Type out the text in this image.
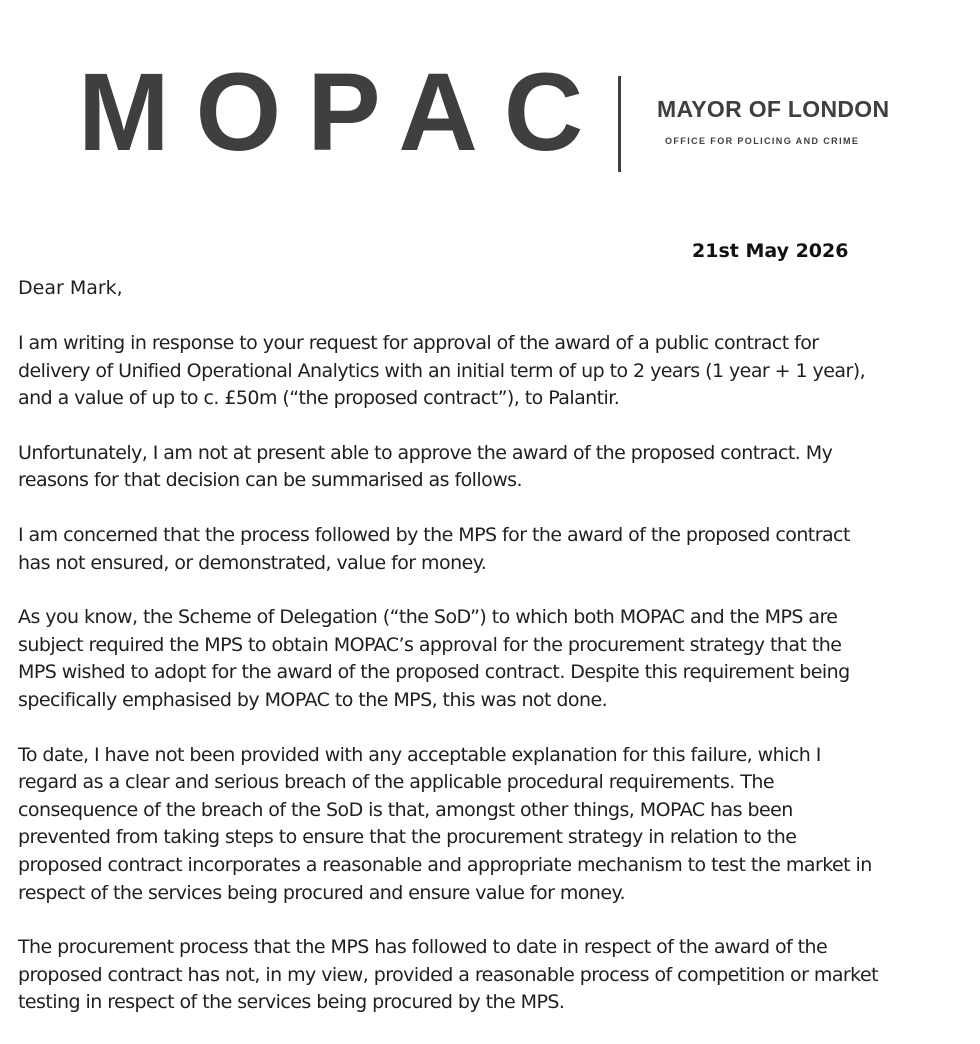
MOPAC MAYOR OF LONDON
OFFICE FOR POLICING AND CRIME
21st May 2026

Dear Mark,

I am writing in response to your request for approval of the award of a public contract for
delivery of Unified Operational Analytics with an initial term of up to 2 years (1 year + 1 year),
and a value of up to c. £50m (“the proposed contract”), to Palantir.

Unfortunately, I am not at present able to approve the award of the proposed contract. My
reasons for that decision can be summarised as follows.

I am concerned that the process followed by the MPS for the award of the proposed contract
has not ensured, or demonstrated, value for money.

As you know, the Scheme of Delegation (“the SoD”) to which both MOPAC and the MPS are
subject required the MPS to obtain MOPAC’s approval for the procurement strategy that the
MPS wished to adopt for the award of the proposed contract. Despite this requirement being
specifically emphasised by MOPAC to the MPS, this was not done.

To date, I have not been provided with any acceptable explanation for this failure, which I
regard as a clear and serious breach of the applicable procedural requirements. The
consequence of the breach of the SoD is that, amongst other things, MOPAC has been
prevented from taking steps to ensure that the procurement strategy in relation to the
proposed contract incorporates a reasonable and appropriate mechanism to test the market in
respect of the services being procured and ensure value for money.

The procurement process that the MPS has followed to date in respect of the award of the
proposed contract has not, in my view, provided a reasonable process of competition or market
testing in respect of the services being procured by the MPS.
